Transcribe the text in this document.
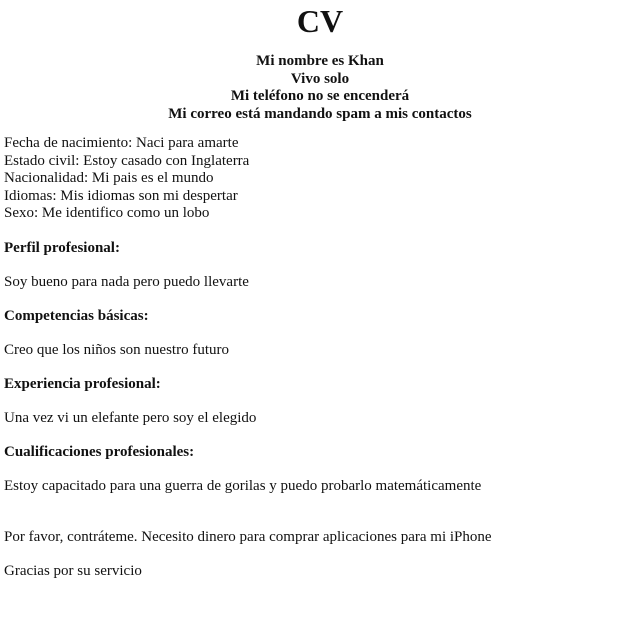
CV
Mi nombre es Khan
Vivo solo
Mi teléfono no se encenderá
Mi correo está mandando spam a mis contactos
Fecha de nacimiento: Naci para amarte
Estado civil: Estoy casado con Inglaterra
Nacionalidad: Mi pais es el mundo
Idiomas: Mis idiomas son mi despertar
Sexo: Me identifico como un lobo
Perfil profesional:
Soy bueno para nada pero puedo llevarte
Competencias básicas:
Creo que los niños son nuestro futuro
Experiencia profesional:
Una vez vi un elefante pero soy el elegido
Cualificaciones profesionales:
Estoy capacitado para una guerra de gorilas y puedo probarlo matemáticamente
Por favor, contráteme. Necesito dinero para comprar aplicaciones para mi iPhone
Gracias por su servicio
